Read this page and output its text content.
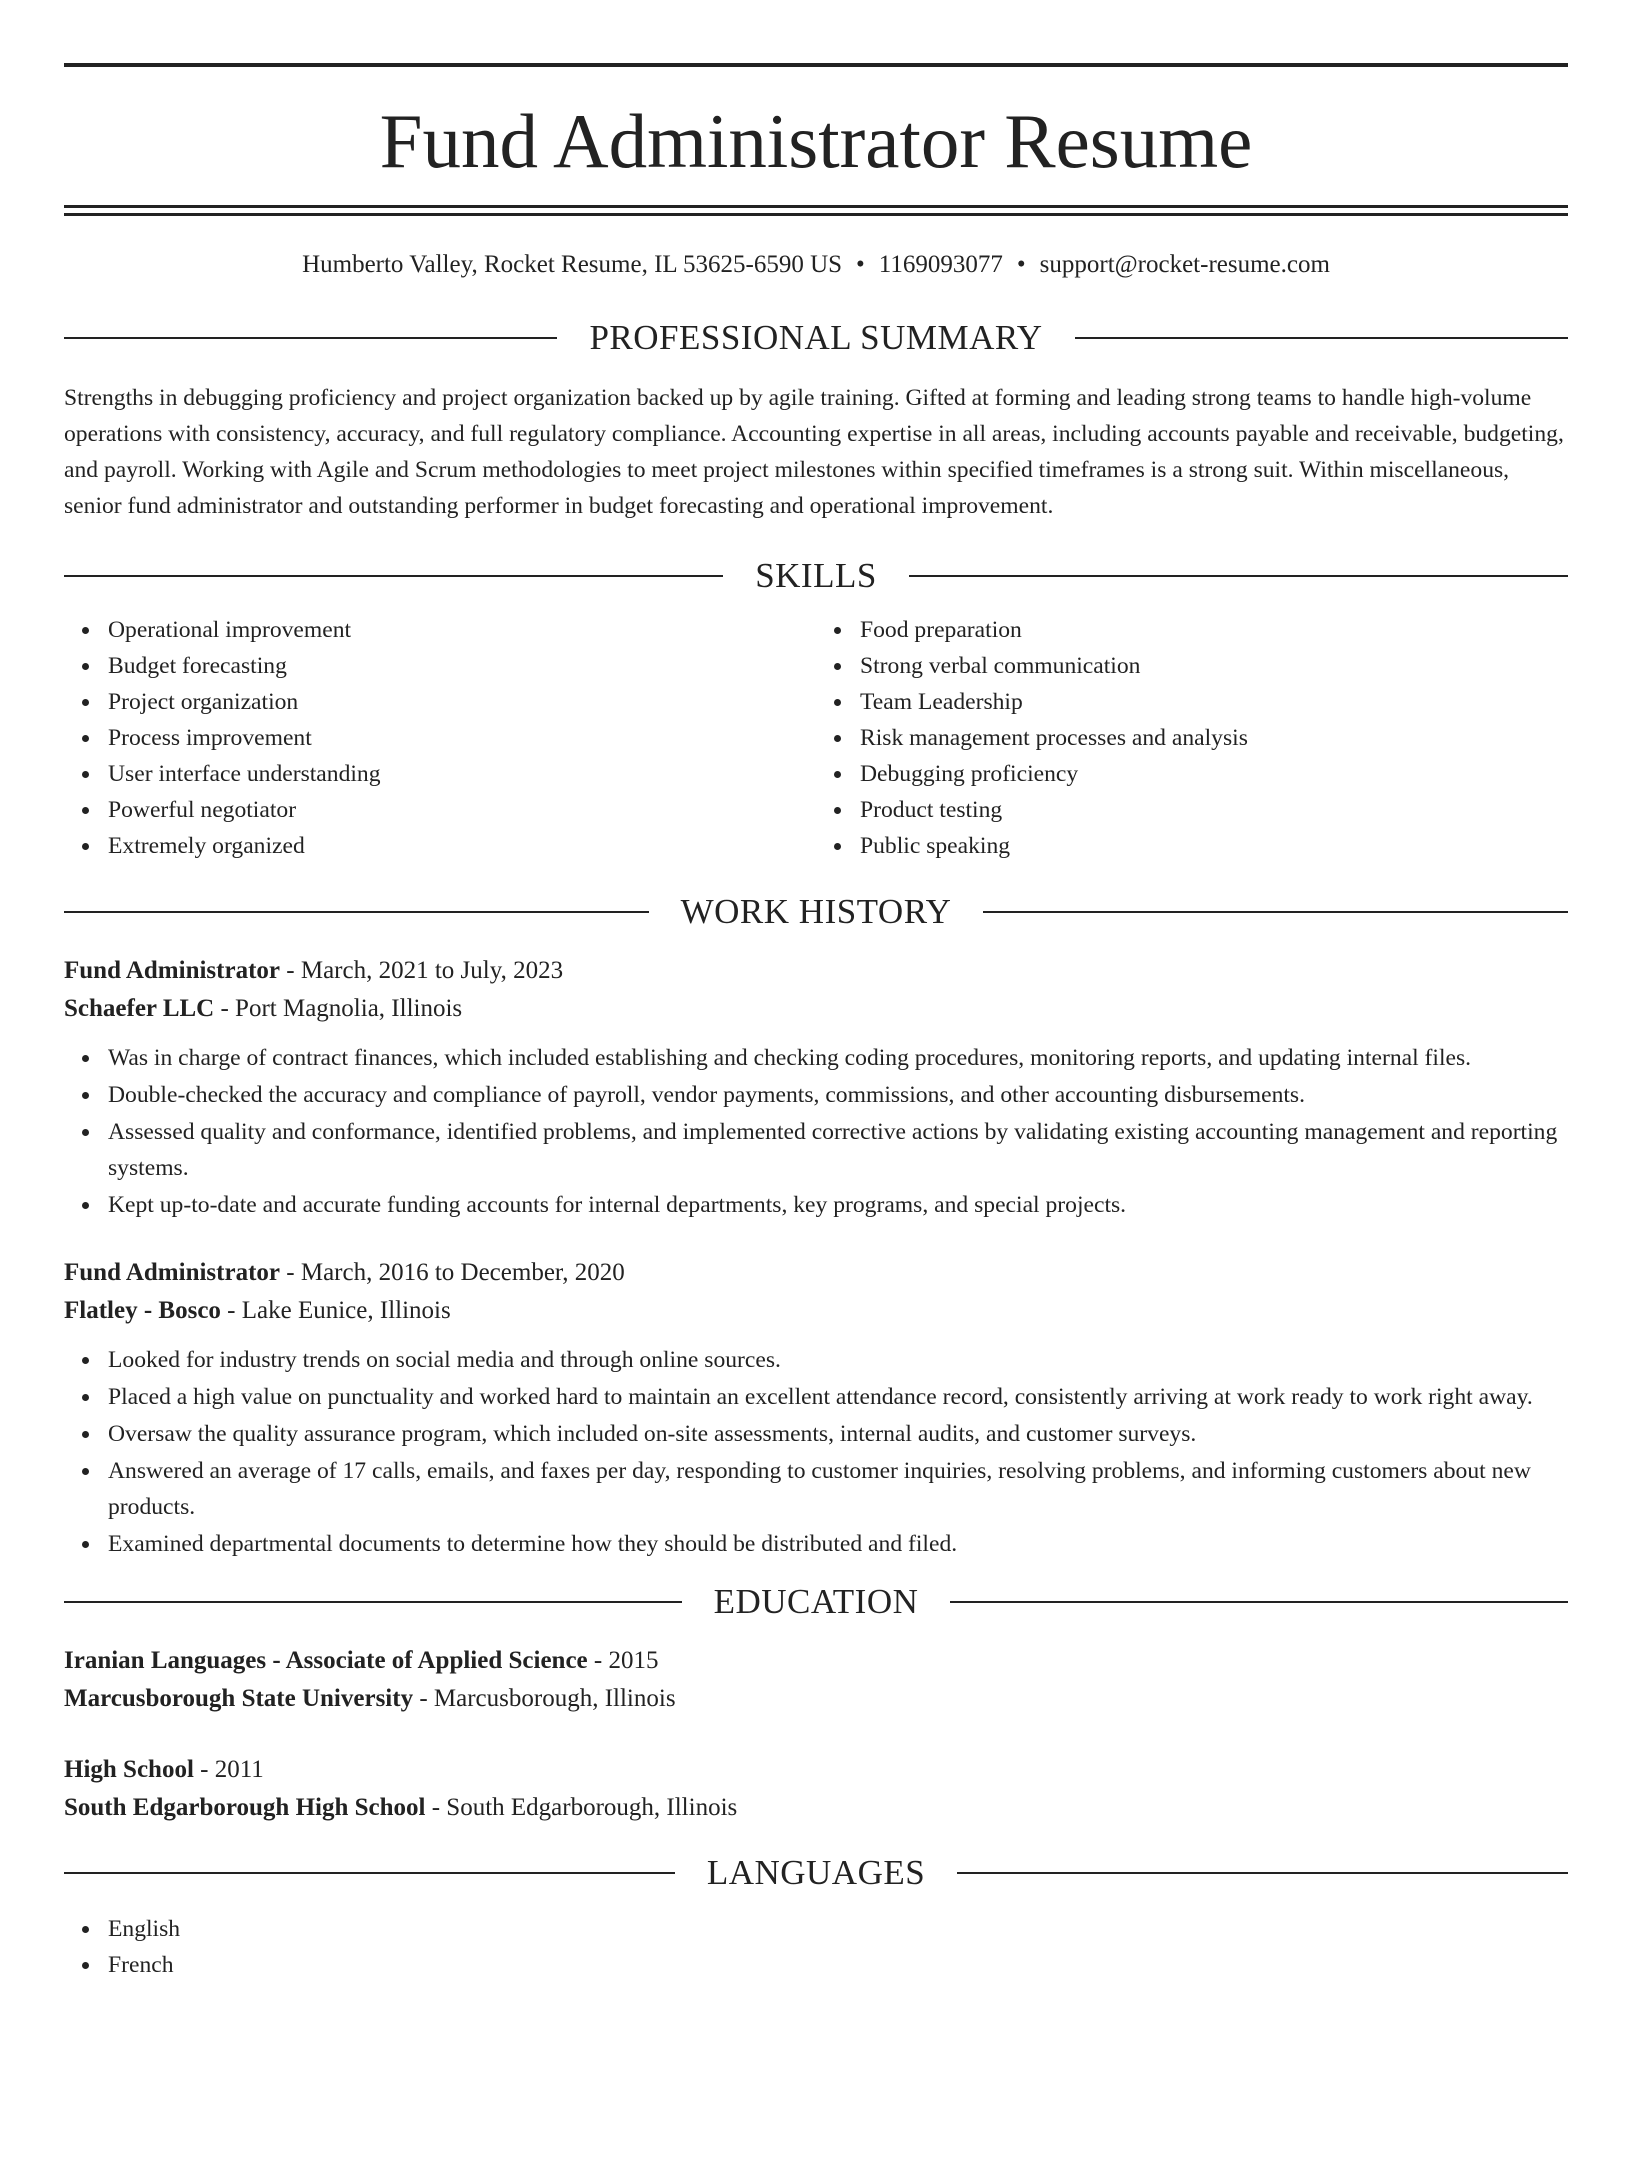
Fund Administrator Resume
Humberto Valley, Rocket Resume, IL 53625-6590 US • 1169093077 • support@rocket-resume.com
PROFESSIONAL SUMMARY

Strengths in debugging proficiency and project organization backed up by agile training. Gifted at forming and leading strong teams to handle high-volume operations with consistency, accuracy, and full regulatory compliance. Accounting expertise in all areas, including accounts payable and receivable, budgeting, and payroll. Working with Agile and Scrum methodologies to meet project milestones within specified timeframes is a strong suit. Within miscellaneous, senior fund administrator and outstanding performer in budget forecasting and operational improvement.

SKILLS
Operational improvement
Budget forecasting
Project organization
Process improvement
User interface understanding
Powerful negotiator
Extremely organized
Food preparation
Strong verbal communication
Team Leadership
Risk management processes and analysis
Debugging proficiency
Product testing
Public speaking
WORK HISTORY
Fund Administrator - March, 2021 to July, 2023
Schaefer LLC - Port Magnolia, Illinois
Was in charge of contract finances, which included establishing and checking coding procedures, monitoring reports, and updating internal files.
Double-checked the accuracy and compliance of payroll, vendor payments, commissions, and other accounting disbursements.
Assessed quality and conformance, identified problems, and implemented corrective actions by validating existing accounting management and reporting systems.
Kept up-to-date and accurate funding accounts for internal departments, key programs, and special projects.
Fund Administrator - March, 2016 to December, 2020
Flatley - Bosco - Lake Eunice, Illinois
Looked for industry trends on social media and through online sources.
Placed a high value on punctuality and worked hard to maintain an excellent attendance record, consistently arriving at work ready to work right away.
Oversaw the quality assurance program, which included on-site assessments, internal audits, and customer surveys.
Answered an average of 17 calls, emails, and faxes per day, responding to customer inquiries, resolving problems, and informing customers about new products.
Examined departmental documents to determine how they should be distributed and filed.
EDUCATION
Iranian Languages - Associate of Applied Science - 2015
Marcusborough State University - Marcusborough, Illinois
High School - 2011
South Edgarborough High School - South Edgarborough, Illinois
LANGUAGES
English
French
